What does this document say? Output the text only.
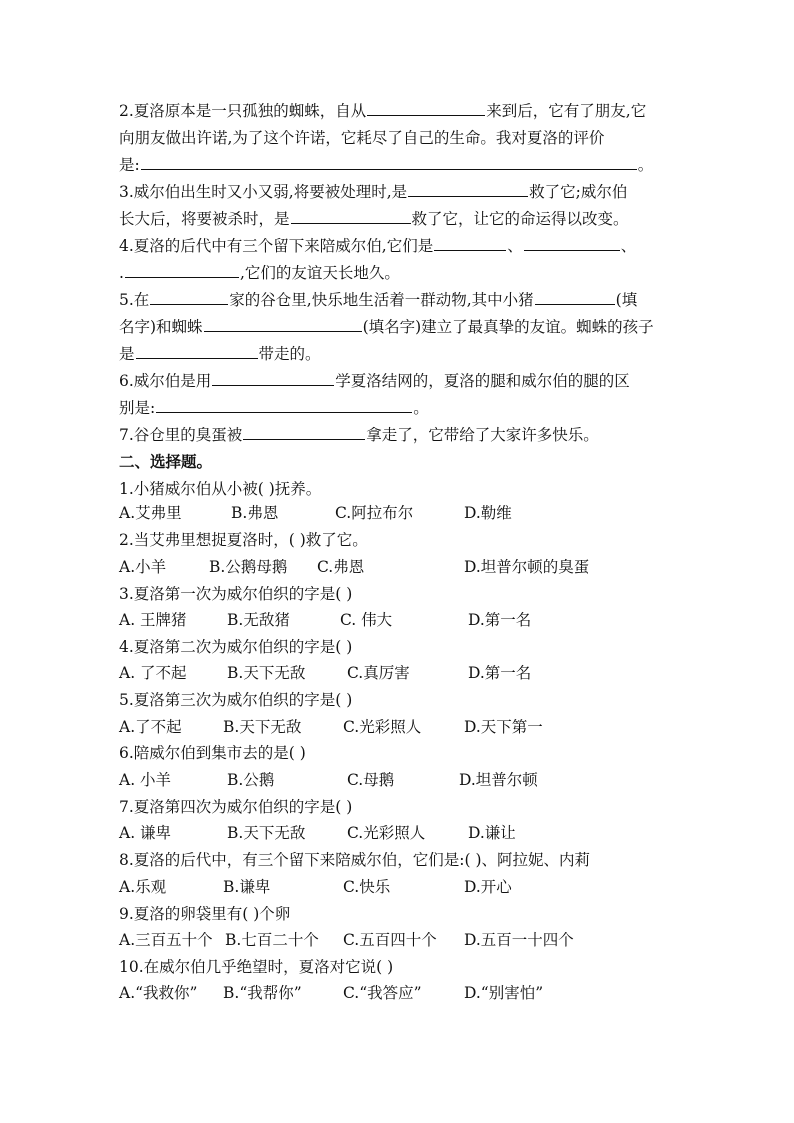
2.夏洛原本是一只孤独的蜘蛛，自从	来到后，它有了朋友,它
向朋友做出许诺,为了这个许诺，它耗尽了自己的生命。我对夏洛的评价
是:	。
3.威尔伯出生时又小又弱,将要被处理时,是	救了它;威尔伯
长大后，将要被杀时，是	救了它，让它的命运得以改变。
4.夏洛的后代中有三个留下来陪威尔伯,它们是	、	、
.	,它们的友谊天长地久。
5.在	家的谷仓里,快乐地生活着一群动物,其中小猪	(填
名字)和蜘蛛	(填名字)建立了最真挚的友谊。蜘蛛的孩子
是	带走的。
6.威尔伯是用	学夏洛结网的，夏洛的腿和威尔伯的腿的区
别是:	。
7.谷仓里的臭蛋被	拿走了，它带给了大家许多快乐。
二、选择题。
1.小猪威尔伯从小被( )抚养。
A.艾弗里	B.弗恩	C.阿拉布尔	D.勒维
2.当艾弗里想捉夏洛时，( )救了它。
A.小羊	B.公鹅母鹅 C.弗恩	D.坦普尔顿的臭蛋
3.夏洛第一次为威尔伯织的字是( )
A. 王牌猪	B.无敌猪	C. 伟大	D.第一名
4.夏洛第二次为威尔伯织的字是( )
A. 了不起	B.天下无敌	C.真厉害	D.第一名
5.夏洛第三次为威尔伯织的字是( )
A.了不起	B.天下无敌	C.光彩照人	D.天下第一
6.陪威尔伯到集市去的是( )
A. 小羊	B.公鹅	C.母鹅	D.坦普尔顿
7.夏洛第四次为威尔伯织的字是( )
A. 谦卑	B.天下无敌	C.光彩照人	D.谦让
8.夏洛的后代中，有三个留下来陪威尔伯，它们是:( )、阿拉妮、内莉
A.乐观	B.谦卑	C.快乐	D.开心
9.夏洛的卵袋里有( )个卵
A.三百五十个 B.七百二十个 C.五百四十个 D.五百一十四个
10.在威尔伯几乎绝望时，夏洛对它说( )
A.“我救你” B.“我帮你”	C.“我答应”	D.“别害怕”
